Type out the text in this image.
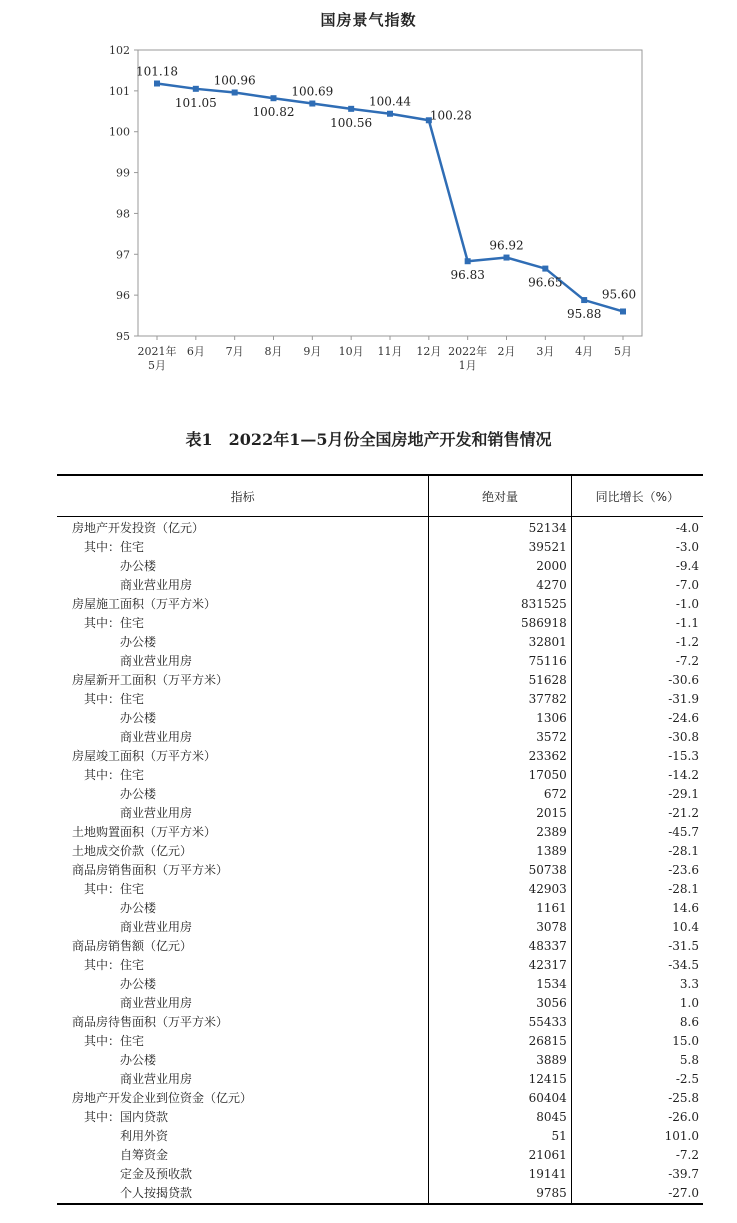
国房景气指数
95
96
97
98
99
100
101
102
2021年 5月
6月 7月 8月 9月 10月 11月 12月 2022年 1月
2月 3月 4月 5月
101.18
101.05
100.96
100.82
100.69
100.56
100.44
100.28
96.83
96.92
96.65
95.88
95.60
表1　2022年1—5月份全国房地产开发和销售情况
指标	绝对量	同比增长（%）
房地产开发投资（亿元）	52134	-4.0
其中：住宅	39521	-3.0
办公楼	2000	-9.4
商业营业用房	4270	-7.0
房屋施工面积（万平方米）	831525	-1.0
其中：住宅	586918	-1.1
办公楼	32801	-1.2
商业营业用房	75116	-7.2
房屋新开工面积（万平方米）	51628	-30.6
其中：住宅	37782	-31.9
办公楼	1306	-24.6
商业营业用房	3572	-30.8
房屋竣工面积（万平方米）	23362	-15.3
其中：住宅	17050	-14.2
办公楼	672	-29.1
商业营业用房	2015	-21.2
土地购置面积（万平方米）	2389	-45.7
土地成交价款（亿元）	1389	-28.1
商品房销售面积（万平方米）	50738	-23.6
其中：住宅	42903	-28.1
办公楼	1161	14.6
商业营业用房	3078	10.4
商品房销售额（亿元）	48337	-31.5
其中：住宅	42317	-34.5
办公楼	1534	3.3
商业营业用房	3056	1.0
商品房待售面积（万平方米）	55433	8.6
其中：住宅	26815	15.0
办公楼	3889	5.8
商业营业用房	12415	-2.5
房地产开发企业到位资金（亿元）	60404	-25.8
其中：国内贷款	8045	-26.0
利用外资	51	101.0
自筹资金	21061	-7.2
定金及预收款	19141	-39.7
个人按揭贷款	9785	-27.0
